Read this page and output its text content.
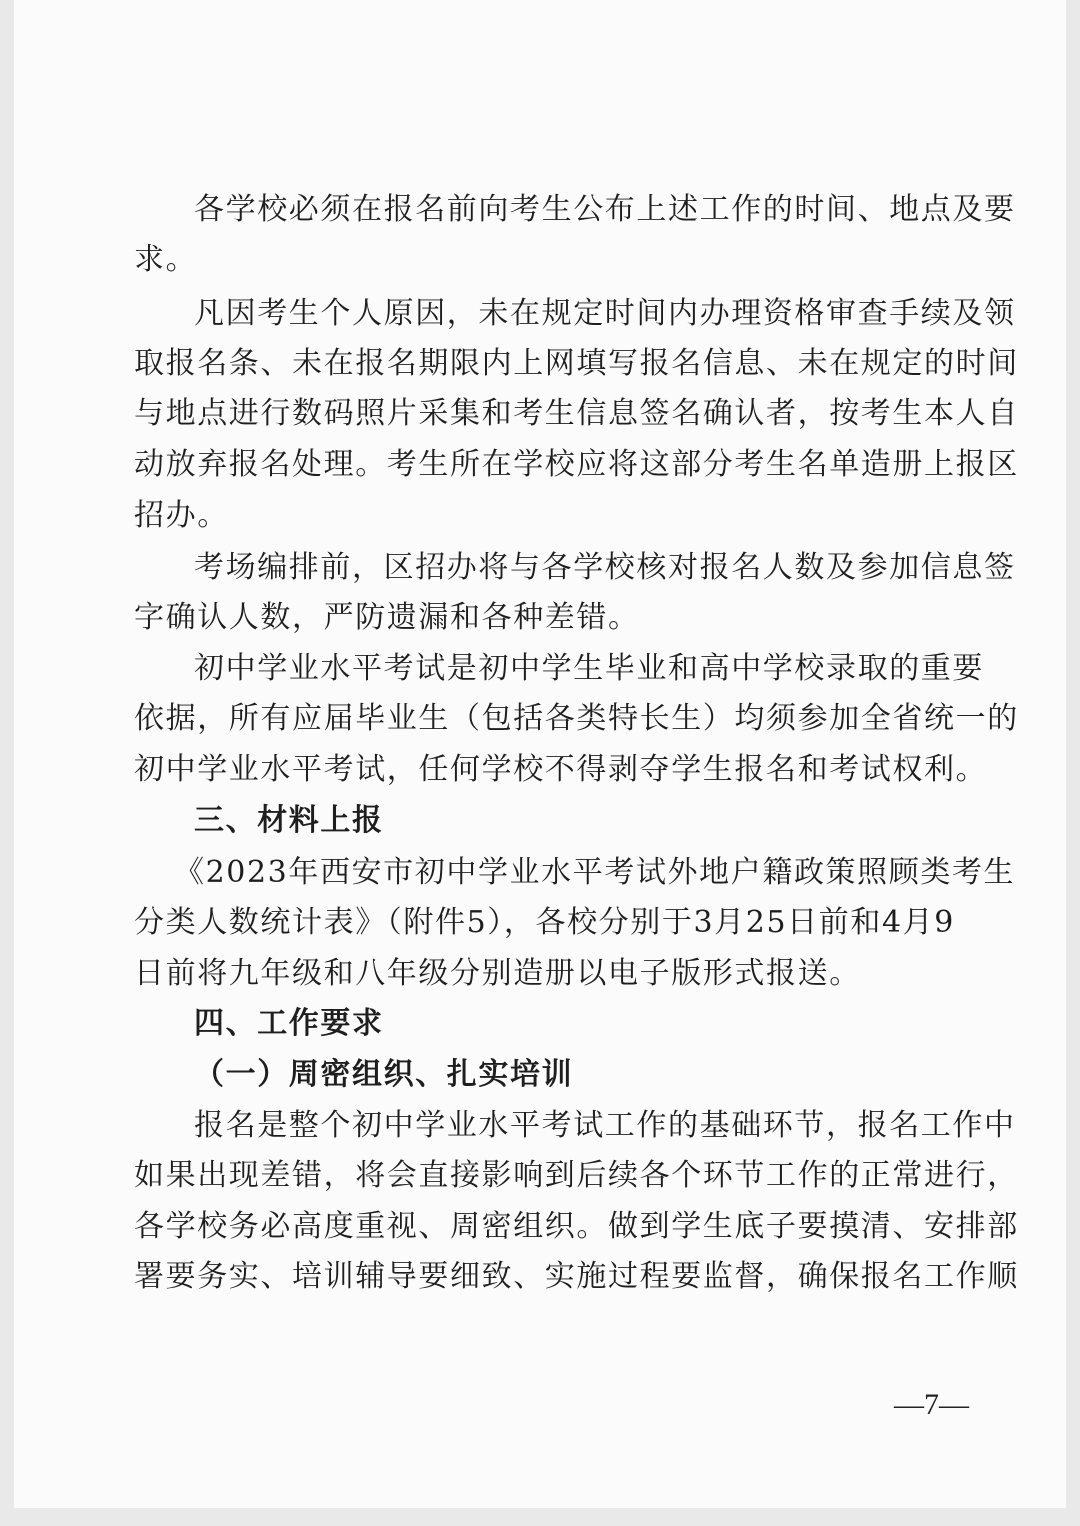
各学校必须在报名前向考生公布上述工作的时间、地点及要
求。
凡因考生个人原因，未在规定时间内办理资格审查手续及领
取报名条、未在报名期限内上网填写报名信息、未在规定的时间
与地点进行数码照片采集和考生信息签名确认者，按考生本人自
动放弃报名处理。考生所在学校应将这部分考生名单造册上报区
招办。
考场编排前，区招办将与各学校核对报名人数及参加信息签
字确认人数，严防遗漏和各种差错。
初中学业水平考试是初中学生毕业和高中学校录取的重要
依据，所有应届毕业生（包括各类特长生）均须参加全省统一的
初中学业水平考试，任何学校不得剥夺学生报名和考试权利。
三、材料上报
《2023年西安市初中学业水平考试外地户籍政策照顾类考生
分类人数统计表》（附件5），各校分别于3月25日前和4月9
日前将九年级和八年级分别造册以电子版形式报送。
四、工作要求
（一）周密组织、扎实培训
报名是整个初中学业水平考试工作的基础环节，报名工作中
如果出现差错，将会直接影响到后续各个环节工作的正常进行，
各学校务必高度重视、周密组织。做到学生底子要摸清、安排部
署要务实、培训辅导要细致、实施过程要监督，确保报名工作顺
—7—
